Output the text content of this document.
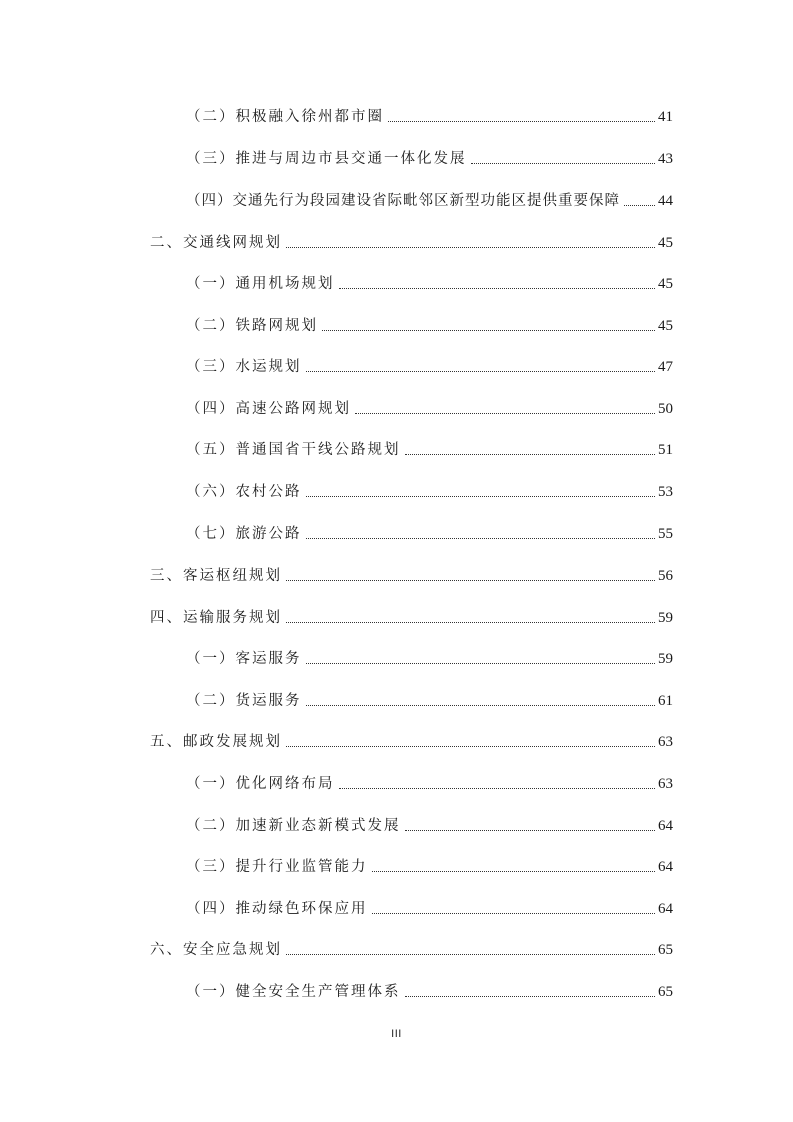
（二）积极融入徐州都市圈	41
（三）推进与周边市县交通一体化发展	43
（四）交通先行为段园建设省际毗邻区新型功能区提供重要保障	44
二、交通线网规划	45
（一）通用机场规划	45
（二）铁路网规划	45
（三）水运规划	47
（四）高速公路网规划	50
（五）普通国省干线公路规划	51
（六）农村公路	53
（七）旅游公路	55
三、客运枢纽规划	56
四、运输服务规划	59
（一）客运服务	59
（二）货运服务	61
五、邮政发展规划	63
（一）优化网络布局	63
（二）加速新业态新模式发展	64
（三）提升行业监管能力	64
（四）推动绿色环保应用	64
六、安全应急规划	65
（一）健全安全生产管理体系	65
III
